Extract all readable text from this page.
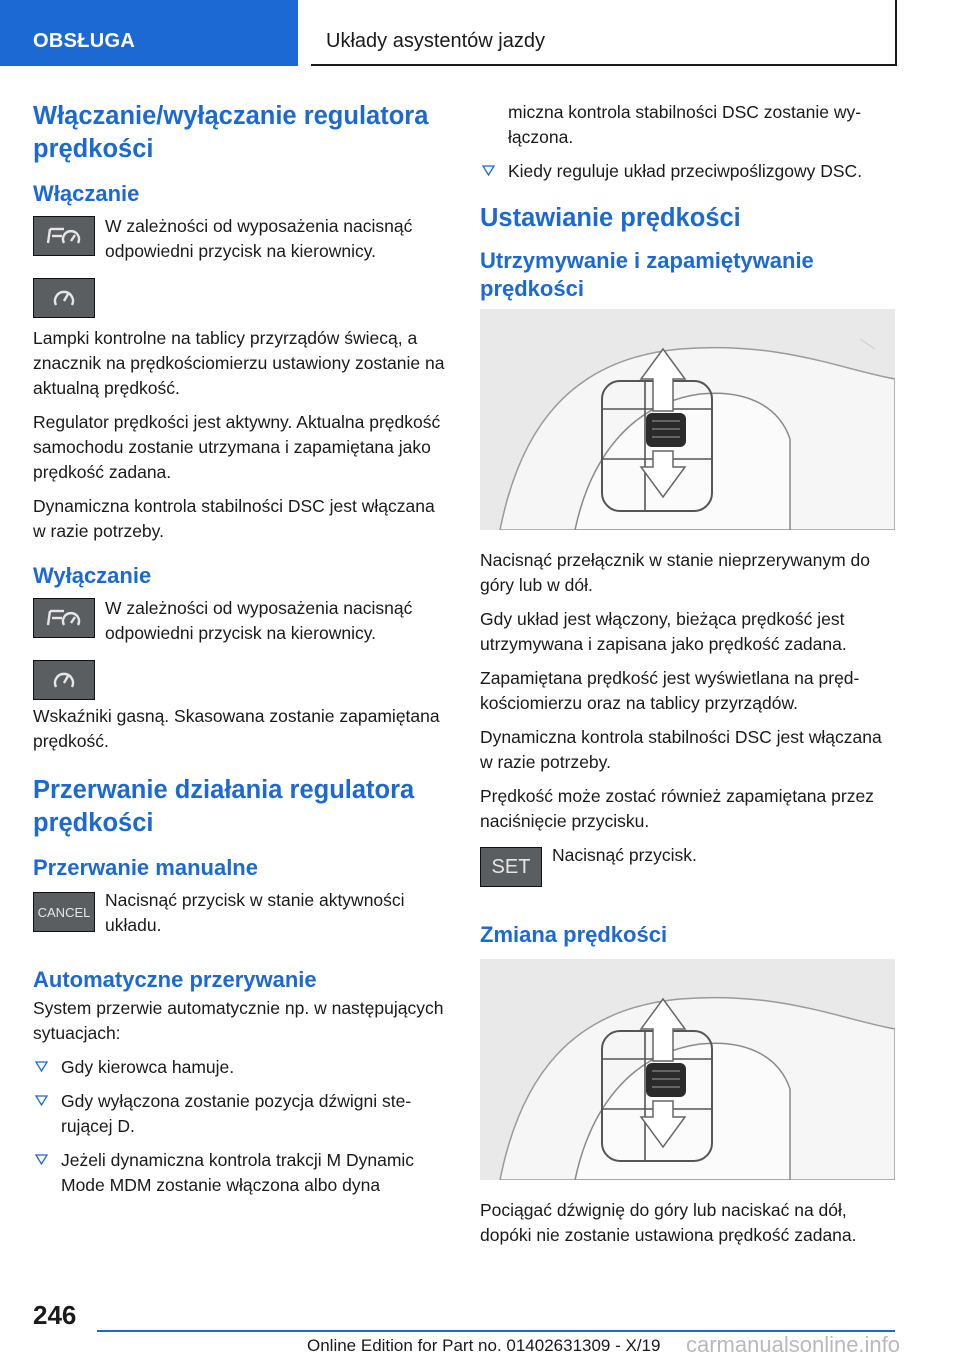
OBSŁUGA	Układy asystentów jazdy
Włączanie/wyłączanie regulatora prędkości
Włączanie
W zależności od wyposażenia nacisnąć odpowiedni przycisk na kierownicy.
Lampki kontrolne na tablicy przyrządów świecą, a znacznik na prędkościomierzu ustawiony zostanie na aktualną prędkość.
Regulator prędkości jest aktywny. Aktualna prędkość samochodu zostanie utrzymana i zapamiętana jako prędkość zadana.
Dynamiczna kontrola stabilności DSC jest włączana w razie potrzeby.
Wyłączanie
W zależności od wyposażenia nacisnąć odpowiedni przycisk na kierownicy.
Wskaźniki gasną. Skasowana zostanie zapamiętana prędkość.
Przerwanie działania regulatora prędkości
Przerwanie manualne
CANCEL
Nacisnąć przycisk w stanie aktywności układu.
Automatyczne przerywanie
System przerwie automatycznie np. w następujących sytuacjach:
Gdy kierowca hamuje.
Gdy wyłączona zostanie pozycja dźwigni sterującej D.
Jeżeli dynamiczna kontrola trakcji M Dynamic Mode MDM zostanie włączona albo dyna
miczna kontrola stabilności DSC zostanie wyłączona.
Kiedy reguluje układ przeciwpoślizgowy DSC.
Ustawianie prędkości
Utrzymywanie i zapamiętywanie prędkości
Nacisnąć przełącznik w stanie nieprzerywanym do góry lub w dół.
Gdy układ jest włączony, bieżąca prędkość jest utrzymywana i zapisana jako prędkość zadana.
Zapamiętana prędkość jest wyświetlana na prędkościomierzu oraz na tablicy przyrządów.
Dynamiczna kontrola stabilności DSC jest włączana w razie potrzeby.
Prędkość może zostać również zapamiętana przez naciśnięcie przycisku.
SET
Nacisnąć przycisk.
Zmiana prędkości
Pociągać dźwignię do góry lub naciskać na dół, dopóki nie zostanie ustawiona prędkość zadana.
246
Online Edition for Part no. 01402631309 - X/19 carmanualsonline.info
